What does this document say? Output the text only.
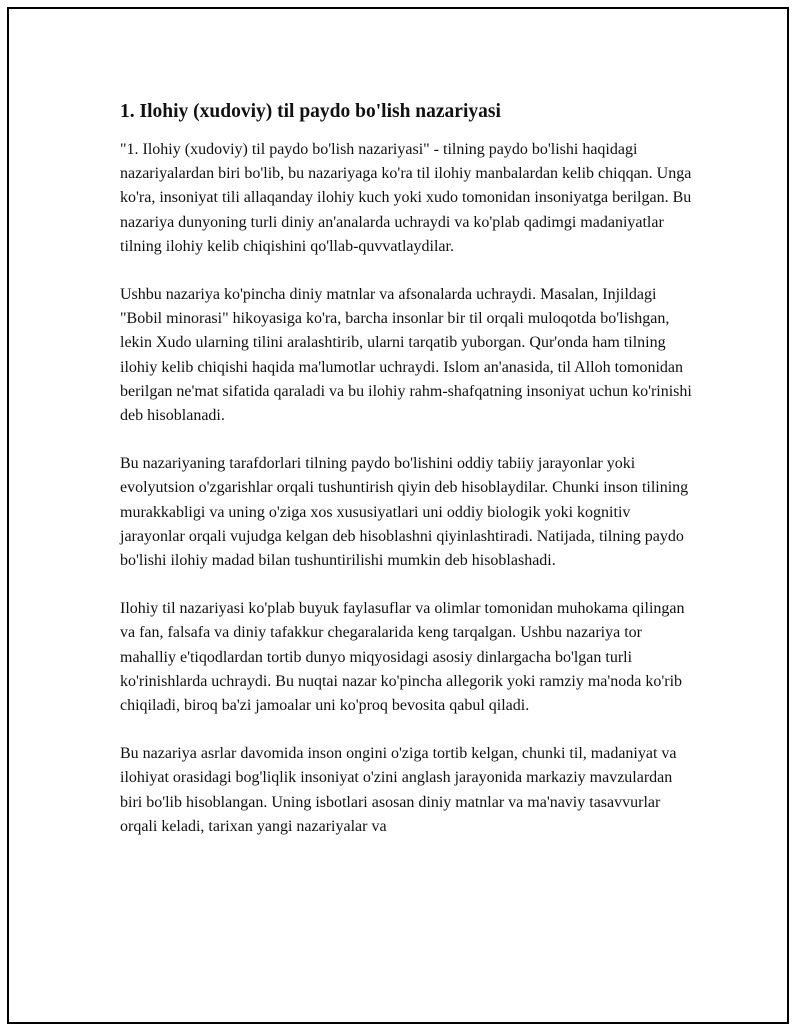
1. Ilohiy (xudoviy) til paydo bo'lish nazariyasi

"1. Ilohiy (xudoviy) til paydo bo'lish nazariyasi" - tilning paydo bo'lishi haqidagi nazariyalardan biri bo'lib, bu nazariyaga ko'ra til ilohiy manbalardan kelib chiqqan. Unga ko'ra, insoniyat tili allaqanday ilohiy kuch yoki xudo tomonidan insoniyatga berilgan. Bu nazariya dunyoning turli diniy an'analarda uchraydi va ko'plab qadimgi madaniyatlar tilning ilohiy kelib chiqishini qo'llab-quvvatlaydilar.

Ushbu nazariya ko'pincha diniy matnlar va afsonalarda uchraydi. Masalan, Injildagi "Bobil minorasi" hikoyasiga ko'ra, barcha insonlar bir til orqali muloqotda bo'lishgan, lekin Xudo ularning tilini aralashtirib, ularni tarqatib yuborgan. Qur'onda ham tilning ilohiy kelib chiqishi haqida ma'lumotlar uchraydi. Islom an'anasida, til Alloh tomonidan berilgan ne'mat sifatida qaraladi va bu ilohiy rahm-shafqatning insoniyat uchun ko'rinishi deb hisoblanadi.

Bu nazariyaning tarafdorlari tilning paydo bo'lishini oddiy tabiiy jarayonlar yoki evolyutsion o'zgarishlar orqali tushuntirish qiyin deb hisoblaydilar. Chunki inson tilining murakkabligi va uning o'ziga xos xususiyatlari uni oddiy biologik yoki kognitiv jarayonlar orqali vujudga kelgan deb hisoblashni qiyinlashtiradi. Natijada, tilning paydo bo'lishi ilohiy madad bilan tushuntirilishi mumkin deb hisoblashadi.

Ilohiy til nazariyasi ko'plab buyuk faylasuflar va olimlar tomonidan muhokama qilingan va fan, falsafa va diniy tafakkur chegaralarida keng tarqalgan. Ushbu nazariya tor mahalliy e'tiqodlardan tortib dunyo miqyosidagi asosiy dinlargacha bo'lgan turli ko'rinishlarda uchraydi. Bu nuqtai nazar ko'pincha allegorik yoki ramziy ma'noda ko'rib chiqiladi, biroq ba'zi jamoalar uni ko'proq bevosita qabul qiladi.

Bu nazariya asrlar davomida inson ongini o'ziga tortib kelgan, chunki til, madaniyat va ilohiyat orasidagi bog'liqlik insoniyat o'zini anglash jarayonida markaziy mavzulardan biri bo'lib hisoblangan. Uning isbotlari asosan diniy matnlar va ma'naviy tasavvurlar orqali keladi, tarixan yangi nazariyalar va
